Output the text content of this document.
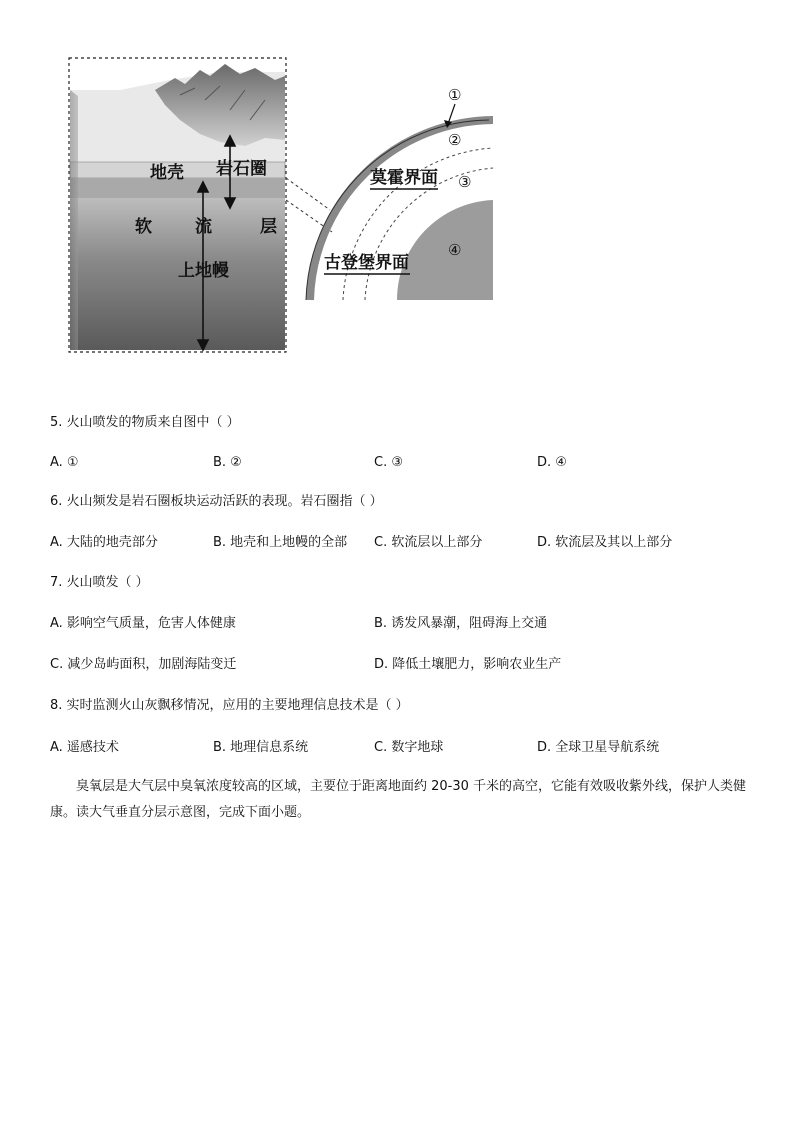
地壳 岩石圈
软	流	层
上地幔
①
②
③
④
莫霍界面
古登堡界面
5. 火山喷发的物质来自图中（ ）
A. ①	B. ②	C. ③	D. ④
6. 火山频发是岩石圈板块运动活跃的表现。岩石圈指（ ）
A. 大陆的地壳部分	B. 地壳和上地幔的全部 C. 软流层以上部分	D. 软流层及其以上部分
7. 火山喷发（ ）
A. 影响空气质量，危害人体健康	B. 诱发风暴潮，阻碍海上交通
C. 减少岛屿面积，加剧海陆变迁	D. 降低土壤肥力，影响农业生产
8. 实时监测火山灰飘移情况，应用的主要地理信息技术是（ ）
A. 遥感技术	B. 地理信息系统	C. 数字地球	D. 全球卫星导航系统
臭氧层是大气层中臭氧浓度较高的区域，主要位于距离地面约 20-30 千米的高空，它能有效吸收紫外线，保护人类健康。读大气垂直分层示意图，完成下面小题。
